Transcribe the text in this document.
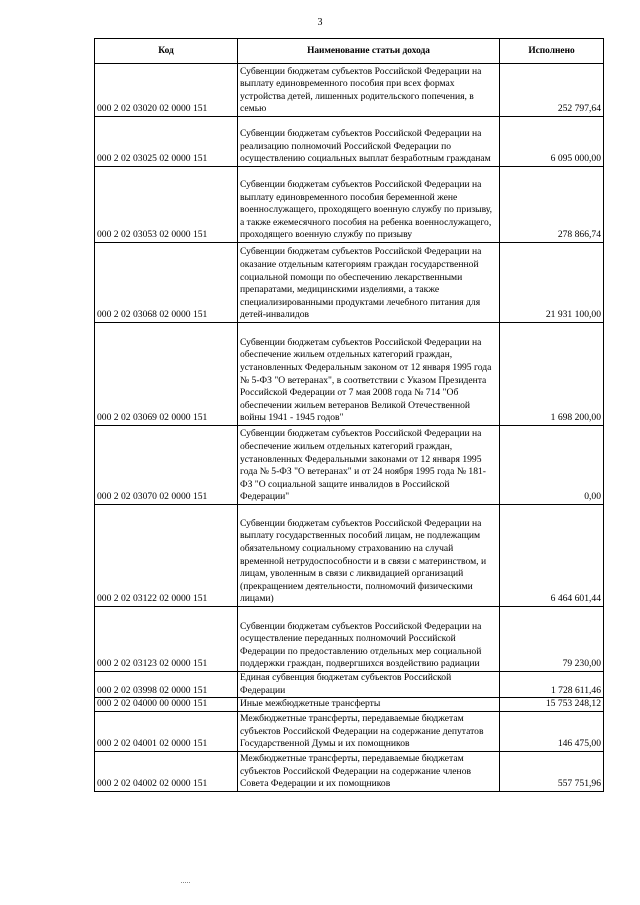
3
Код	Наименование статьи дохода	Исполнено
000 2 02 03020 02 0000 151	Субвенции бюджетам субъектов Российской Федерации на выплату единовременного пособия при всех формах устройства детей, лишенных родительского попечения, в семью	252 797,64
000 2 02 03025 02 0000 151	Субвенции бюджетам субъектов Российской Федерации на реализацию полномочий Российской Федерации по осуществлению социальных выплат безработным гражданам	6 095 000,00
000 2 02 03053 02 0000 151	Субвенции бюджетам субъектов Российской Федерации на выплату единовременного пособия беременной жене военнослужащего, проходящего военную службу по призыву, а также ежемесячного пособия на ребенка военнослужащего, проходящего военную службу по призыву	278 866,74
000 2 02 03068 02 0000 151	Субвенции бюджетам субъектов Российской Федерации на оказание отдельным категориям граждан государственной социальной помощи по обеспечению лекарственными препаратами, медицинскими изделиями, а также специализированными продуктами лечебного питания для детей-инвалидов	21 931 100,00
000 2 02 03069 02 0000 151	Субвенции бюджетам субъектов Российской Федерации на обеспечение жильем отдельных категорий граждан, установленных Федеральным законом от 12 января 1995 года № 5-ФЗ "О ветеранах", в соответствии с Указом Президента Российской Федерации от 7 мая 2008 года № 714 "Об обеспечении жильем ветеранов Великой Отечественной войны 1941 - 1945 годов"	1 698 200,00
000 2 02 03070 02 0000 151	Субвенции бюджетам субъектов Российской Федерации на обеспечение жильем отдельных категорий граждан, установленных Федеральными законами от 12 января 1995 года № 5-ФЗ "О ветеранах" и от 24 ноября 1995 года № 181-ФЗ "О социальной защите инвалидов в Российской Федерации"	0,00
000 2 02 03122 02 0000 151	Субвенции бюджетам субъектов Российской Федерации на выплату государственных пособий лицам, не подлежащим обязательному социальному страхованию на случай временной нетрудоспособности и в связи с материнством, и лицам, уволенным в связи с ликвидацией организаций (прекращением деятельности, полномочий физическими лицами)	6 464 601,44
000 2 02 03123 02 0000 151	Субвенции бюджетам субъектов Российской Федерации на осуществление переданных полномочий Российской Федерации по предоставлению отдельных мер социальной поддержки граждан, подвергшихся воздействию радиации	79 230,00
000 2 02 03998 02 0000 151	Единая субвенция бюджетам субъектов Российской Федерации	1 728 611,46
000 2 02 04000 00 0000 151	Иные межбюджетные трансферты	15 753 248,12
000 2 02 04001 02 0000 151	Межбюджетные трансферты, передаваемые бюджетам субъектов Российской Федерации на содержание депутатов Государственной Думы и их помощников	146 475,00
000 2 02 04002 02 0000 151	Межбюджетные трансферты, передаваемые бюджетам субъектов Российской Федерации на содержание членов Совета Федерации и их помощников	557 751,96
